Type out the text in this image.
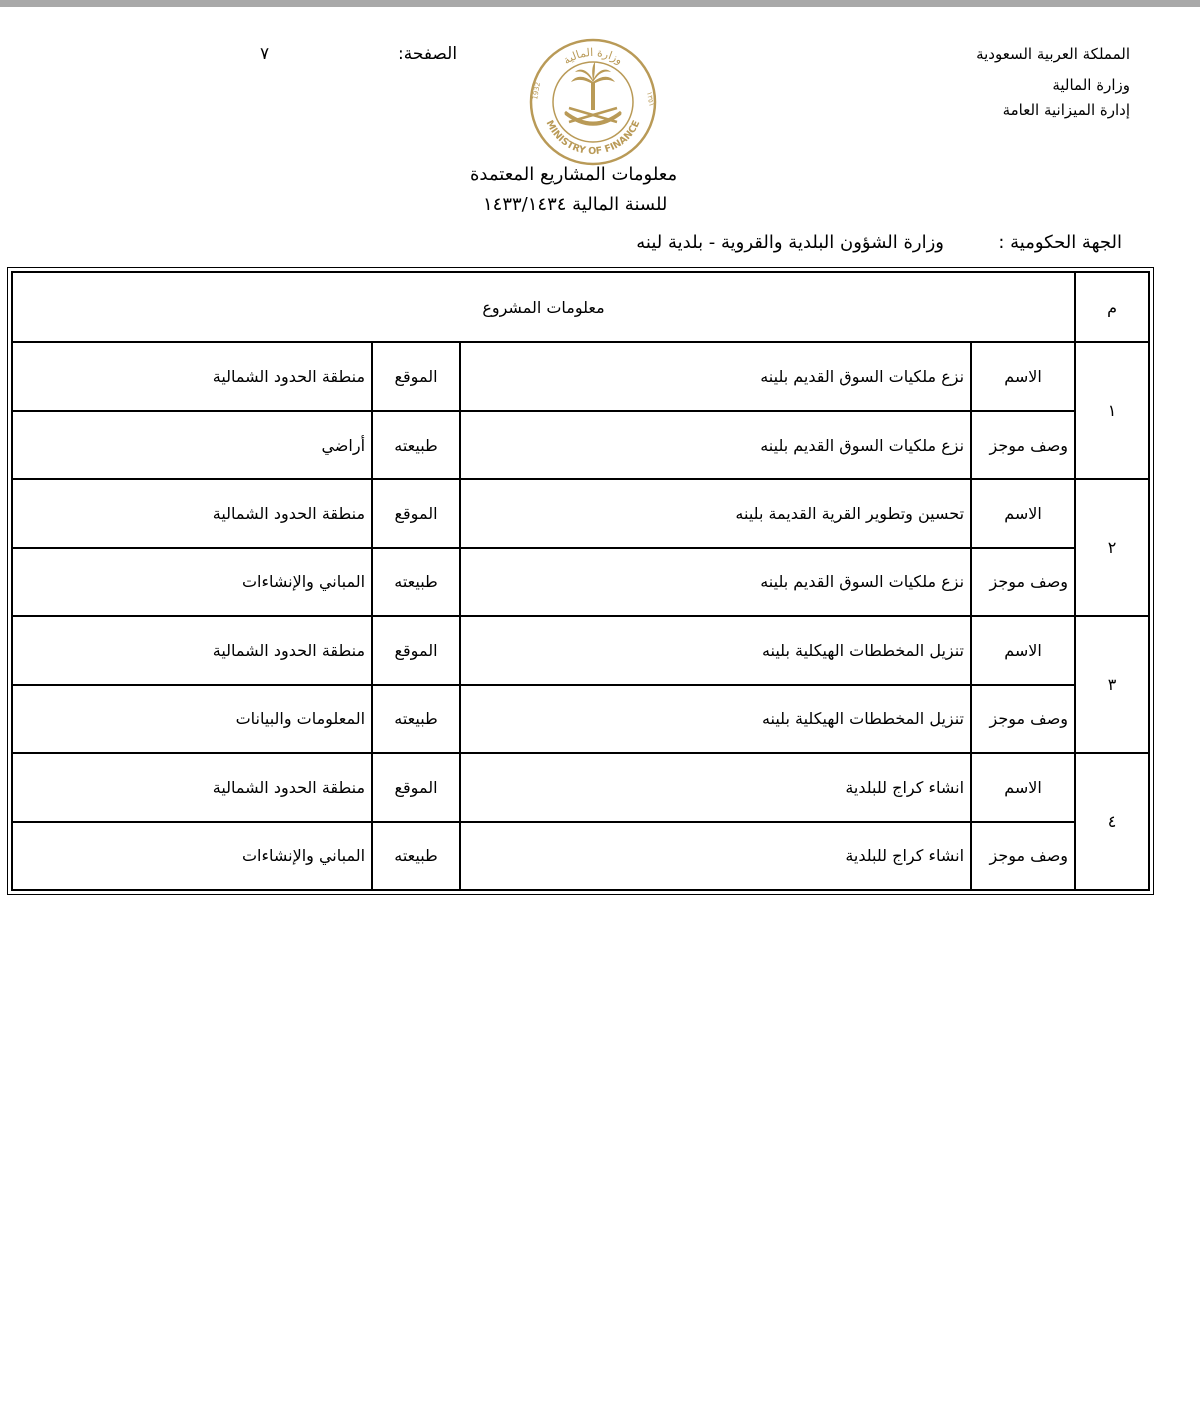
المملكة العربية السعودية
وزارة المالية
إدارة الميزانية العامة
الصفحة:
٧	وزارة المالية
MINISTRY OF FINANCE
1932	١٣٥١
معلومات المشاريع المعتمدة
للسنة المالية ١٤٣٣/١٤٣٤
الجهة الحكومية :
وزارة الشؤون البلدية والقروية - بلدية لينه
م	معلومات المشروع			
١	الاسم	نزع ملكيات السوق القديم بلينه	الموقع	منطقة الحدود الشمالية
	وصف موجز	نزع ملكيات السوق القديم بلينه	طبيعته	أراضي
٢	الاسم	تحسين وتطوير القرية القديمة بلينه	الموقع	منطقة الحدود الشمالية
	وصف موجز	نزع ملكيات السوق القديم بلينه	طبيعته	المباني والإنشاءات
٣	الاسم	تنزيل المخططات الهيكلية بلينه	الموقع	منطقة الحدود الشمالية
	وصف موجز	تنزيل المخططات الهيكلية بلينه	طبيعته	المعلومات والبيانات
٤	الاسم	انشاء كراج للبلدية	الموقع	منطقة الحدود الشمالية
	وصف موجز	انشاء كراج للبلدية	طبيعته	المباني والإنشاءات
